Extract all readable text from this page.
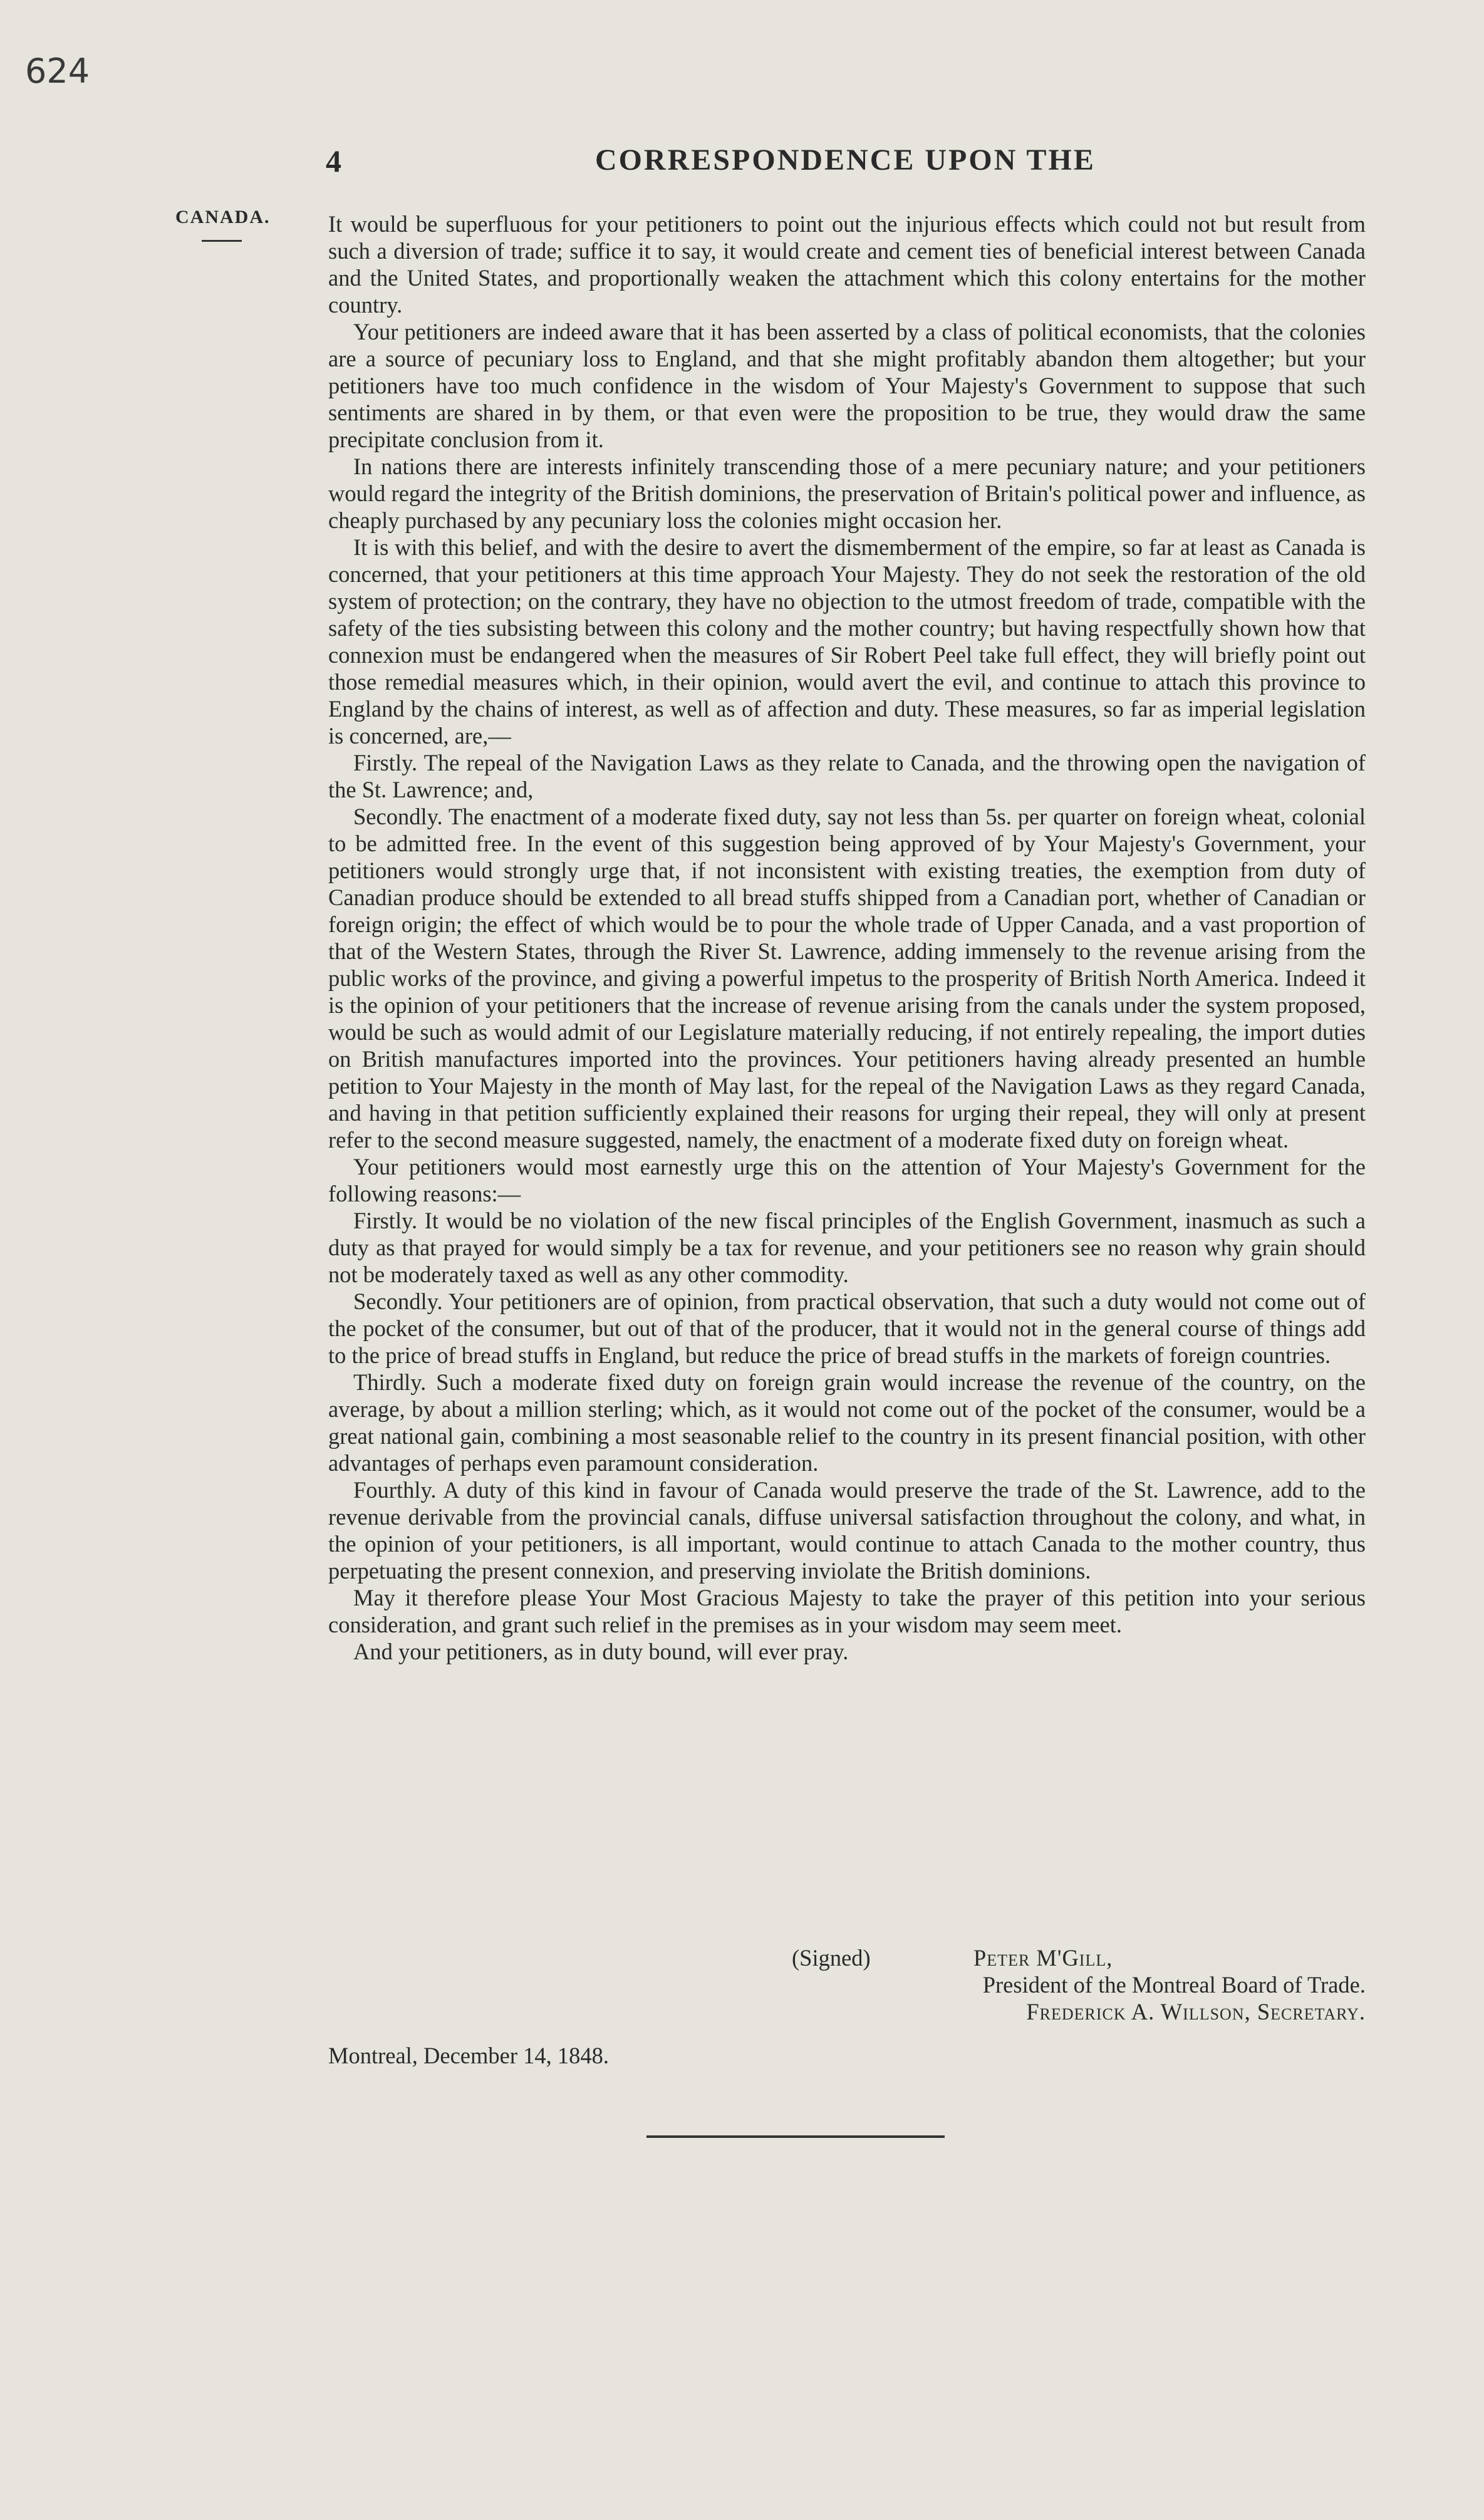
624
4	CORRESPONDENCE UPON THE
CANADA.	It would be superfluous for your petitioners to point out the injurious effects which could not but result from such a diversion of trade; suffice it to say, it would create and cement ties of beneficial interest between Canada and the United States, and proportionally weaken the attachment which this colony entertains for the mother country.

Your petitioners are indeed aware that it has been asserted by a class of political economists, that the colonies are a source of pecuniary loss to England, and that she might profitably abandon them altogether; but your petitioners have too much confidence in the wisdom of Your Majesty's Government to suppose that such sentiments are shared in by them, or that even were the proposition to be true, they would draw the same precipitate conclusion from it.

In nations there are interests infinitely transcending those of a mere pecuniary nature; and your petitioners would regard the integrity of the British dominions, the preservation of Britain's political power and influence, as cheaply purchased by any pecuniary loss the colonies might occasion her.

It is with this belief, and with the desire to avert the dismemberment of the empire, so far at least as Canada is concerned, that your petitioners at this time approach Your Majesty. They do not seek the restoration of the old system of protection; on the contrary, they have no objection to the utmost freedom of trade, compatible with the safety of the ties subsisting between this colony and the mother country; but having respectfully shown how that connexion must be endangered when the measures of Sir Robert Peel take full effect, they will briefly point out those remedial measures which, in their opinion, would avert the evil, and continue to attach this province to England by the chains of interest, as well as of affection and duty. These measures, so far as imperial legislation is concerned, are,—

Firstly. The repeal of the Navigation Laws as they relate to Canada, and the throwing open the navigation of the St. Lawrence; and,

Secondly. The enactment of a moderate fixed duty, say not less than 5s. per quarter on foreign wheat, colonial to be admitted free. In the event of this suggestion being approved of by Your Majesty's Government, your petitioners would strongly urge that, if not inconsistent with existing treaties, the exemption from duty of Canadian produce should be extended to all bread stuffs shipped from a Canadian port, whether of Canadian or foreign origin; the effect of which would be to pour the whole trade of Upper Canada, and a vast proportion of that of the Western States, through the River St. Lawrence, adding immensely to the revenue arising from the public works of the province, and giving a powerful impetus to the prosperity of British North America. Indeed it is the opinion of your petitioners that the increase of revenue arising from the canals under the system proposed, would be such as would admit of our Legislature materially reducing, if not entirely repealing, the import duties on British manufactures imported into the provinces. Your petitioners having already presented an humble petition to Your Majesty in the month of May last, for the repeal of the Navigation Laws as they regard Canada, and having in that petition sufficiently explained their reasons for urging their repeal, they will only at present refer to the second measure suggested, namely, the enactment of a moderate fixed duty on foreign wheat.

Your petitioners would most earnestly urge this on the attention of Your Majesty's Government for the following reasons:—

Firstly. It would be no violation of the new fiscal principles of the English Government, inasmuch as such a duty as that prayed for would simply be a tax for revenue, and your petitioners see no reason why grain should not be moderately taxed as well as any other commodity.

Secondly. Your petitioners are of opinion, from practical observation, that such a duty would not come out of the pocket of the consumer, but out of that of the producer, that it would not in the general course of things add to the price of bread stuffs in England, but reduce the price of bread stuffs in the markets of foreign countries.

Thirdly. Such a moderate fixed duty on foreign grain would increase the revenue of the country, on the average, by about a million sterling; which, as it would not come out of the pocket of the consumer, would be a great national gain, combining a most seasonable relief to the country in its present financial position, with other advantages of perhaps even paramount consideration.

Fourthly. A duty of this kind in favour of Canada would preserve the trade of the St. Lawrence, add to the revenue derivable from the provincial canals, diffuse universal satisfaction throughout the colony, and what, in the opinion of your petitioners, is all important, would continue to attach Canada to the mother country, thus perpetuating the present connexion, and preserving inviolate the British dominions.

May it therefore please Your Most Gracious Majesty to take the prayer of this petition into your serious consideration, and grant such relief in the premises as in your wisdom may seem meet.

And your petitioners, as in duty bound, will ever pray.

(Signed)	Peter M'Gill,
President of the Montreal Board of Trade.
Frederick A. Willson, Secretary.
Montreal, December 14, 1848.
